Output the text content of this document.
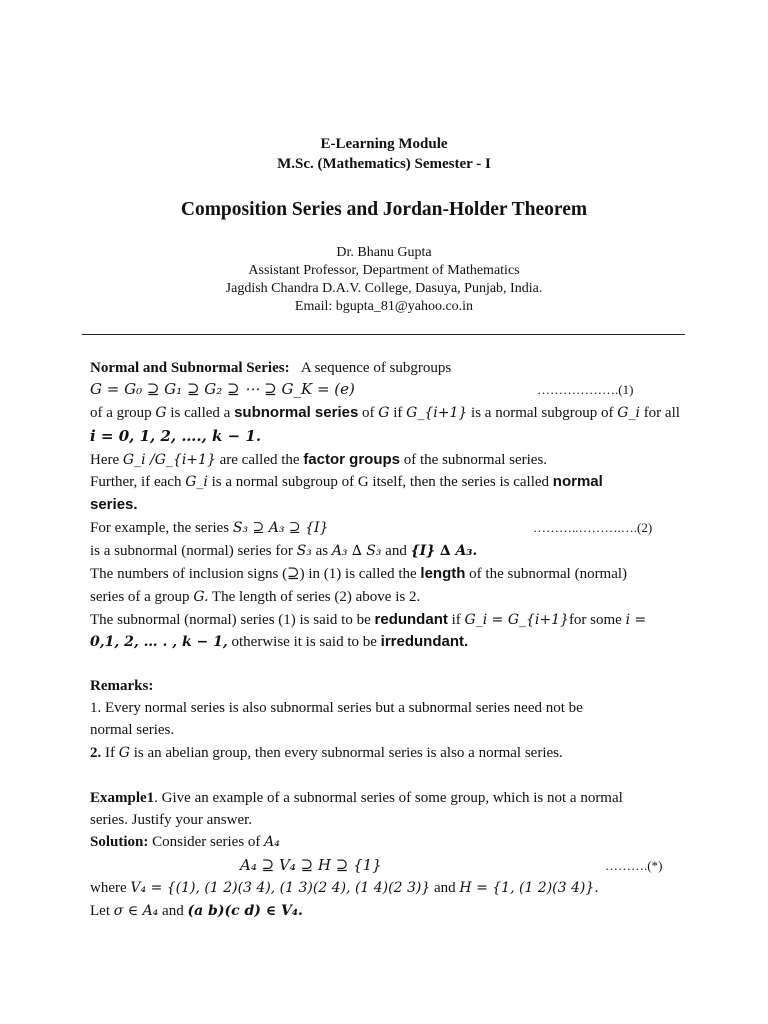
E-Learning Module
M.Sc. (Mathematics) Semester - I
Composition Series and Jordan-Holder Theorem
Dr. Bhanu Gupta
Assistant Professor, Department of Mathematics
Jagdish Chandra D.A.V. College, Dasuya, Punjab, India.
Email: bgupta_81@yahoo.co.in
Normal and Subnormal Series: A sequence of subgroups
G = G₀ ⊇ G₁ ⊇ G₂ ⊇ ⋯ ⊇ G_K = (e)	……………….(1)
of a group G is called a subnormal series of G if G_{i+1} is a normal subgroup of G_i for all
i = 0, 1, 2, …., k − 1.
Here G_i /G_{i+1} are called the factor groups of the subnormal series.
Further, if each G_i is a normal subgroup of G itself, then the series is called normal
series.
For example, the series S₃ ⊇ A₃ ⊇ {I}	………..……….….(2)
is a subnormal (normal) series for S₃ as A₃ ∆ S₃ and {I} ∆ A₃.
The numbers of inclusion signs (⊇) in (1) is called the length of the subnormal (normal)
series of a group G. The length of series (2) above is 2.
The subnormal (normal) series (1) is said to be redundant if G_i = G_{i+1}for some i =
0,1, 2, … . , k − 1, otherwise it is said to be irredundant.
Remarks:
1. Every normal series is also subnormal series but a subnormal series need not be
normal series.
2. If G is an abelian group, then every subnormal series is also a normal series.
Example1. Give an example of a subnormal series of some group, which is not a normal
series. Justify your answer.
Solution: Consider series of A₄
A₄ ⊇ V₄ ⊇ H ⊇ {1}	……….(*)
where V₄ = {(1), (1 2)(3 4), (1 3)(2 4), (1 4)(2 3)} and H = {1, (1 2)(3 4)}.
Let σ ∈ A₄ and (a b)(c d) ∈ V₄.
